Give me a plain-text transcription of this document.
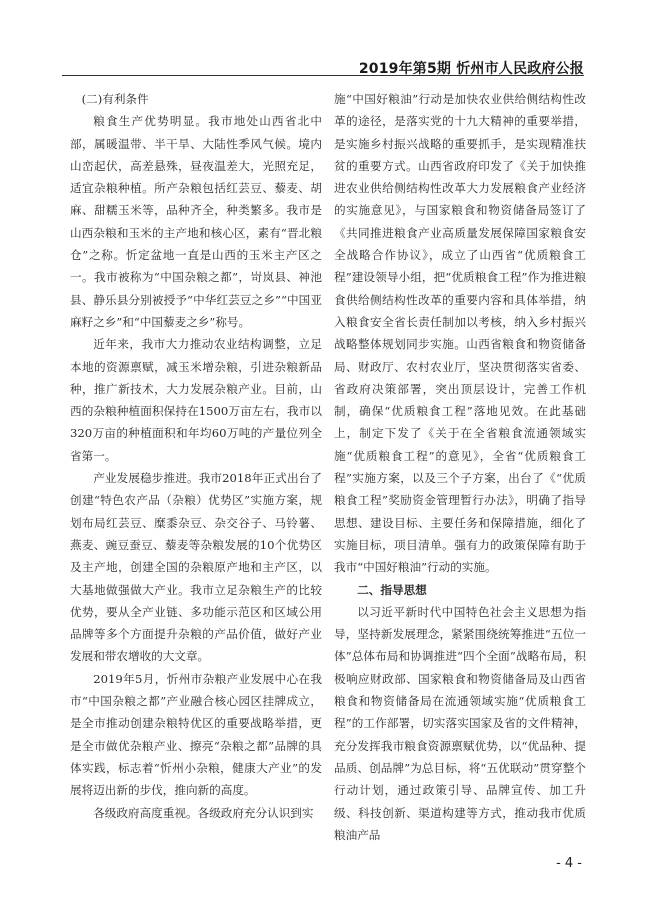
2019年第5期 忻州市人民政府公报

(二)有利条件

粮食生产优势明显。我市地处山西省北中部，属暖温带、半干旱、大陆性季风气候。境内山峦起伏，高差悬殊，昼夜温差大，光照充足，适宜杂粮种植。所产杂粮包括红芸豆、藜麦、胡麻、甜糯玉米等，品种齐全，种类繁多。我市是山西杂粮和玉米的主产地和核心区，素有“晋北粮仓”之称。忻定盆地一直是山西的玉米主产区之一。我市被称为“中国杂粮之都”，岢岚县、神池县、静乐县分别被授予“中华红芸豆之乡”“中国亚麻籽之乡”和“中国藜麦之乡”称号。

近年来，我市大力推动农业结构调整，立足本地的资源禀赋，减玉米增杂粮，引进杂粮新品种，推广新技术，大力发展杂粮产业。目前，山西的杂粮种植面积保持在1500万亩左右，我市以320万亩的种植面积和年均60万吨的产量位列全省第一。

产业发展稳步推进。我市2018年正式出台了创建“特色农产品（杂粮）优势区”实施方案，规划布局红芸豆、糜黍杂豆、杂交谷子、马铃薯、燕麦、豌豆蚕豆、藜麦等杂粮发展的10个优势区及主产地，创建全国的杂粮原产地和主产区，以大基地做强做大产业。我市立足杂粮生产的比较优势，要从全产业链、多功能示范区和区域公用品牌等多个方面提升杂粮的产品价值，做好产业发展和带农增收的大文章。

2019年5月，忻州市杂粮产业发展中心在我市“中国杂粮之都”产业融合核心园区挂牌成立，是全市推动创建杂粮特优区的重要战略举措，更是全市做优杂粮产业、擦亮“杂粮之都”品牌的具体实践，标志着“忻州小杂粮，健康大产业”的发展将迈出新的步伐，推向新的高度。

各级政府高度重视。各级政府充分认识到实

施“中国好粮油”行动是加快农业供给侧结构性改革的途径，是落实党的十九大精神的重要举措，是实施乡村振兴战略的重要抓手，是实现精准扶贫的重要方式。山西省政府印发了《关于加快推进农业供给侧结构性改革大力发展粮食产业经济的实施意见》，与国家粮食和物资储备局签订了《共同推进粮食产业高质量发展保障国家粮食安全战略合作协议》，成立了山西省“优质粮食工程”建设领导小组，把“优质粮食工程”作为推进粮食供给侧结构性改革的重要内容和具体举措，纳入粮食安全省长责任制加以考核，纳入乡村振兴战略整体规划同步实施。山西省粮食和物资储备局、财政厅、农村农业厅，坚决贯彻落实省委、省政府决策部署，突出顶层设计，完善工作机制，确保“优质粮食工程”落地见效。在此基础上，制定下发了《关于在全省粮食流通领域实施“优质粮食工程”的意见》，全省“优质粮食工程”实施方案，以及三个子方案，出台了《“优质粮食工程”奖励资金管理暂行办法》，明确了指导思想、建设目标、主要任务和保障措施，细化了实施目标，项目清单。强有力的政策保障有助于我市“中国好粮油”行动的实施。

二、指导思想

以习近平新时代中国特色社会主义思想为指导，坚持新发展理念，紧紧围绕统筹推进“五位一体”总体布局和协调推进“四个全面”战略布局，积极响应财政部、国家粮食和物资储备局及山西省粮食和物资储备局在流通领域实施“优质粮食工程”的工作部署，切实落实国家及省的文件精神，充分发挥我市粮食资源禀赋优势，以“优品种、提品质、创品牌”为总目标，将“五优联动”贯穿整个行动计划，通过政策引导、品牌宣传、加工升级、科技创新、渠道构建等方式，推动我市优质粮油产品

- 4 -
